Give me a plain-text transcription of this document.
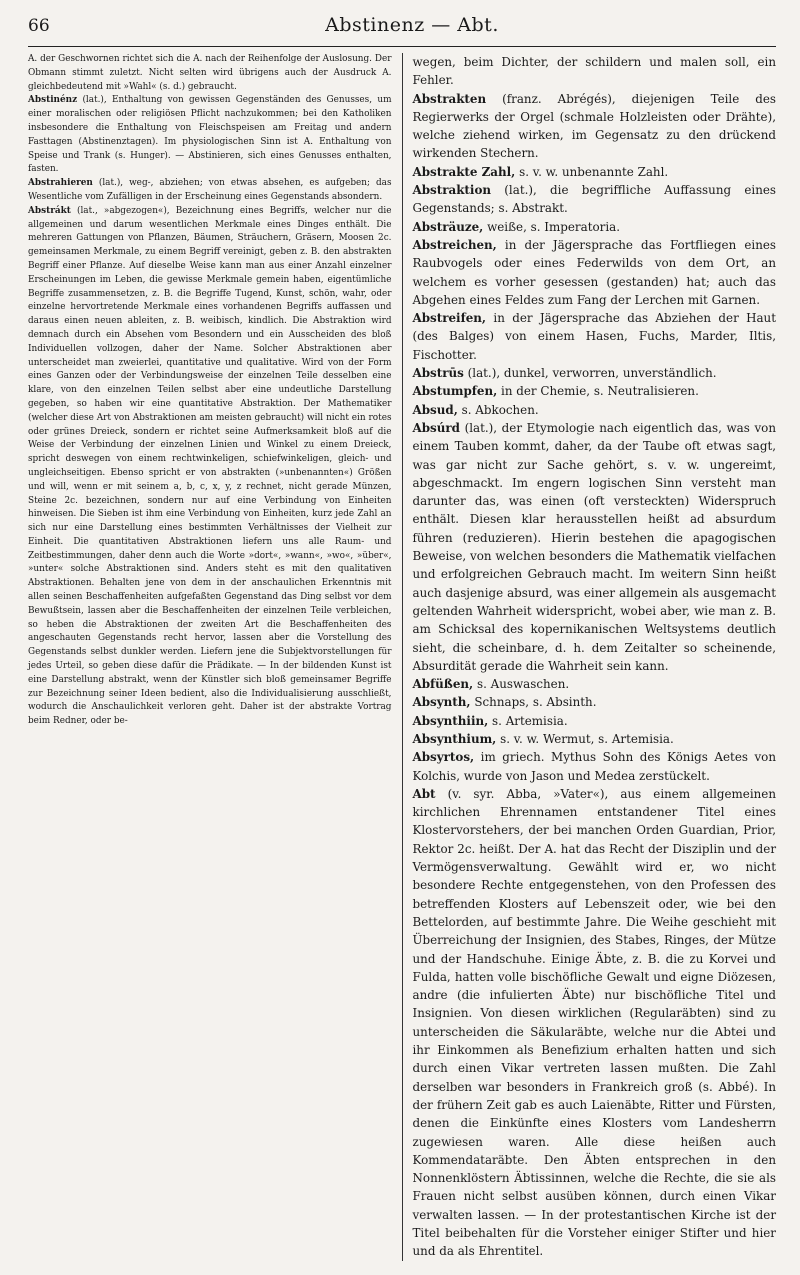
66	Abstinenz — Abt.

A. der Geschwornen richtet sich die A. nach der Reihenfolge der Auslosung. Der Obmann stimmt zuletzt. Nicht selten wird übrigens auch der Ausdruck A. gleichbedeutend mit »Wahl« (s. d.) gebraucht.

Abstinénz (lat.), Enthaltung von gewissen Gegenständen des Genusses, um einer moralischen oder religiösen Pflicht nachzukommen; bei den Katholiken insbesondere die Enthaltung von Fleischspeisen am Freitag und andern Fasttagen (Abstinenztagen). Im physiologischen Sinn ist A. Enthaltung von Speise und Trank (s. Hunger). — Abstinieren, sich eines Genusses enthalten, fasten.

Abstrahieren (lat.), weg-, abziehen; von etwas absehen, es aufgeben; das Wesentliche vom Zufälligen in der Erscheinung eines Gegenstands absondern.

Abstrákt (lat., »abgezogen«), Bezeichnung eines Begriffs, welcher nur die allgemeinen und darum wesentlichen Merkmale eines Dinges enthält. Die mehreren Gattungen von Pflanzen, Bäumen, Sträuchern, Gräsern, Moosen 2c. gemeinsamen Merkmale, zu einem Begriff vereinigt, geben z. B. den abstrakten Begriff einer Pflanze. Auf dieselbe Weise kann man aus einer Anzahl einzelner Erscheinungen im Leben, die gewisse Merkmale gemein haben, eigentümliche Begriffe zusammensetzen, z. B. die Begriffe Tugend, Kunst, schön, wahr, oder einzelne hervortretende Merkmale eines vorhandenen Begriffs auffassen und daraus einen neuen ableiten, z. B. weibisch, kindlich. Die Abstraktion wird demnach durch ein Absehen vom Besondern und ein Ausscheiden des bloß Individuellen vollzogen, daher der Name. Solcher Abstraktionen aber unterscheidet man zweierlei, quantitative und qualitative. Wird von der Form eines Ganzen oder der Verbindungsweise der einzelnen Teile desselben eine klare, von den einzelnen Teilen selbst aber eine undeutliche Darstellung gegeben, so haben wir eine quantitative Abstraktion. Der Mathematiker (welcher diese Art von Abstraktionen am meisten gebraucht) will nicht ein rotes oder grünes Dreieck, sondern er richtet seine Aufmerksamkeit bloß auf die Weise der Verbindung der einzelnen Linien und Winkel zu einem Dreieck, spricht deswegen von einem rechtwinkeligen, schiefwinkeligen, gleich- und ungleichseitigen. Ebenso spricht er von abstrakten (»unbenannten«) Größen und will, wenn er mit seinem a, b, c, x, y, z rechnet, nicht gerade Münzen, Steine 2c. bezeichnen, sondern nur auf eine Verbindung von Einheiten hinweisen. Die Sieben ist ihm eine Verbindung von Einheiten, kurz jede Zahl an sich nur eine Darstellung eines bestimmten Verhältnisses der Vielheit zur Einheit. Die quantitativen Abstraktionen liefern uns alle Raum- und Zeitbestimmungen, daher denn auch die Worte »dort«, »wann«, »wo«, »über«, »unter« solche Abstraktionen sind. Anders steht es mit den qualitativen Abstraktionen. Behalten jene von dem in der anschaulichen Erkenntnis mit allen seinen Beschaffenheiten aufgefaßten Gegenstand das Ding selbst vor dem Bewußtsein, lassen aber die Beschaffenheiten der einzelnen Teile verbleichen, so heben die Abstraktionen der zweiten Art die Beschaffenheiten des angeschauten Gegenstands recht hervor, lassen aber die Vorstellung des Gegenstands selbst dunkler werden. Liefern jene die Subjektvorstellungen für jedes Urteil, so geben diese dafür die Prädikate. — In der bildenden Kunst ist eine Darstellung abstrakt, wenn der Künstler sich bloß gemeinsamer Begriffe zur Bezeichnung seiner Ideen bedient, also die Individualisierung ausschließt, wodurch die Anschaulichkeit verloren geht. Daher ist der abstrakte Vortrag beim Redner, oder be-

wegen, beim Dichter, der schildern und malen soll, ein Fehler.

Abstrakten (franz. Abrégés), diejenigen Teile des Regierwerks der Orgel (schmale Holzleisten oder Drähte), welche ziehend wirken, im Gegensatz zu den drückend wirkenden Stechern.

Abstrakte Zahl, s. v. w. unbenannte Zahl.

Abstraktion (lat.), die begriffliche Auffassung eines Gegenstands; s. Abstrakt.

Absträuze, weiße, s. Imperatoria.

Abstreichen, in der Jägersprache das Fortfliegen eines Raubvogels oder eines Federwilds von dem Ort, an welchem es vorher gesessen (gestanden) hat; auch das Abgehen eines Feldes zum Fang der Lerchen mit Garnen.

Abstreifen, in der Jägersprache das Abziehen der Haut (des Balges) von einem Hasen, Fuchs, Marder, Iltis, Fischotter.

Abstrūs (lat.), dunkel, verworren, unverständlich.

Abstumpfen, in der Chemie, s. Neutralisieren.

Absud, s. Abkochen.

Absúrd (lat.), der Etymologie nach eigentlich das, was von einem Tauben kommt, daher, da der Taube oft etwas sagt, was gar nicht zur Sache gehört, s. v. w. ungereimt, abgeschmackt. Im engern logischen Sinn versteht man darunter das, was einen (oft versteckten) Widerspruch enthält. Diesen klar herausstellen heißt ad absurdum führen (reduzieren). Hierin bestehen die apagogischen Beweise, von welchen besonders die Mathematik vielfachen und erfolgreichen Gebrauch macht. Im weitern Sinn heißt auch dasjenige absurd, was einer allgemein als ausgemacht geltenden Wahrheit widerspricht, wobei aber, wie man z. B. am Schicksal des kopernikanischen Weltsystems deutlich sieht, die scheinbare, d. h. dem Zeitalter so scheinende, Absurdität gerade die Wahrheit sein kann.

Abfüßen, s. Auswaschen.

Absynth, Schnaps, s. Absinth.

Absynthiin, s. Artemisia.

Absynthium, s. v. w. Wermut, s. Artemisia.

Absyrtos, im griech. Mythus Sohn des Königs Aetes von Kolchis, wurde von Jason und Medea zerstückelt.

Abt (v. syr. Abba, »Vater«), aus einem allgemeinen kirchlichen Ehrennamen entstandener Titel eines Klostervorstehers, der bei manchen Orden Guardian, Prior, Rektor 2c. heißt. Der A. hat das Recht der Disziplin und der Vermögensverwaltung. Gewählt wird er, wo nicht besondere Rechte entgegenstehen, von den Professen des betreffenden Klosters auf Lebenszeit oder, wie bei den Bettelorden, auf bestimmte Jahre. Die Weihe geschieht mit Überreichung der Insignien, des Stabes, Ringes, der Mütze und der Handschuhe. Einige Äbte, z. B. die zu Korvei und Fulda, hatten volle bischöfliche Gewalt und eigne Diözesen, andre (die infulierten Äbte) nur bischöfliche Titel und Insignien. Von diesen wirklichen (Regularäbten) sind zu unterscheiden die Säkularäbte, welche nur die Abtei und ihr Einkommen als Benefizium erhalten hatten und sich durch einen Vikar vertreten lassen mußten. Die Zahl derselben war besonders in Frankreich groß (s. Abbé). In der frühern Zeit gab es auch Laienäbte, Ritter und Fürsten, denen die Einkünfte eines Klosters vom Landesherrn zugewiesen waren. Alle diese heißen auch Kommendataräbte. Den Äbten entsprechen in den Nonnenklöstern Äbtissinnen, welche die Rechte, die sie als Frauen nicht selbst ausüben können, durch einen Vikar verwalten lassen. — In der protestantischen Kirche ist der Titel beibehalten für die Vorsteher einiger Stifter und hier und da als Ehrentitel.
